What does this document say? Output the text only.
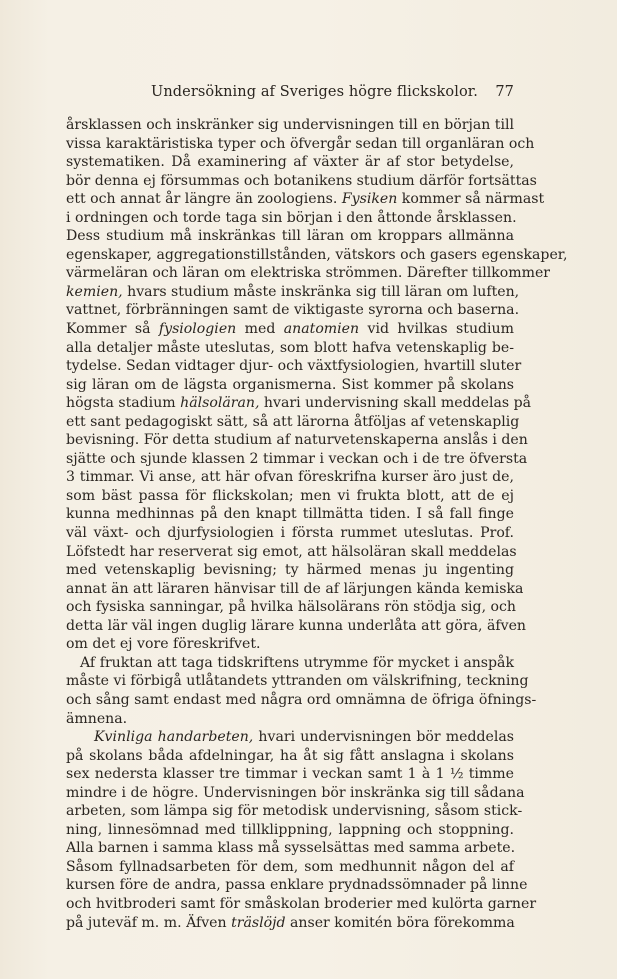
Undersökning af Sveriges högre flickskolor. 77
årsklassen och inskränker sig undervisningen till en början till
vissa karaktäristiska typer och öfvergår sedan till organläran och
systematiken. Då examinering af växter är af stor betydelse,
bör denna ej försummas och botanikens studium därför fortsättas
ett och annat år längre än zoologiens. Fysiken kommer så närmast
i ordningen och torde taga sin början i den åttonde årsklassen.
Dess studium må inskränkas till läran om kroppars allmänna
egenskaper, aggregationstillstånden, vätskors och gasers egenskaper,
värmeläran och läran om elektriska strömmen. Därefter tillkommer
kemien, hvars studium måste inskränka sig till läran om luften,
vattnet, förbränningen samt de viktigaste syrorna och baserna.
Kommer så fysiologien med anatomien vid hvilkas studium
alla detaljer måste uteslutas, som blott hafva vetenskaplig be-
tydelse. Sedan vidtager djur- och växtfysiologien, hvartill sluter
sig läran om de lägsta organismerna. Sist kommer på skolans
högsta stadium hälsoläran, hvari undervisning skall meddelas på
ett sant pedagogiskt sätt, så att lärorna åtföljas af vetenskaplig
bevisning. För detta studium af naturvetenskaperna anslås i den
sjätte och sjunde klassen 2 timmar i veckan och i de tre öfversta
3 timmar. Vi anse, att här ofvan föreskrifna kurser äro just de,
som bäst passa för flickskolan; men vi frukta blott, att de ej
kunna medhinnas på den knapt tillmätta tiden. I så fall finge
väl växt- och djurfysiologien i första rummet uteslutas. Prof.
Löfstedt har reserverat sig emot, att hälsoläran skall meddelas
med vetenskaplig bevisning; ty härmed menas ju ingenting
annat än att läraren hänvisar till de af lärjungen kända kemiska
och fysiska sanningar, på hvilka hälsolärans rön stödja sig, och
detta lär väl ingen duglig lärare kunna underlåta att göra, äfven
om det ej vore föreskrifvet.
Af fruktan att taga tidskriftens utrymme för mycket i anspåk
måste vi förbigå utlåtandets yttranden om välskrifning, teckning
och sång samt endast med några ord omnämna de öfriga öfnings-
ämnena.
Kvinliga handarbeten, hvari undervisningen bör meddelas
på skolans båda afdelningar, ha åt sig fått anslagna i skolans
sex nedersta klasser tre timmar i veckan samt 1 à 1 ½ timme
mindre i de högre. Undervisningen bör inskränka sig till sådana
arbeten, som lämpa sig för metodisk undervisning, såsom stick-
ning, linnesömnad med tillklippning, lappning och stoppning.
Alla barnen i samma klass må sysselsättas med samma arbete.
Såsom fyllnadsarbeten för dem, som medhunnit någon del af
kursen före de andra, passa enklare prydnadssömnader på linne
och hvitbroderi samt för småskolan broderier med kulörta garner
på juteväf m. m. Äfven träslöjd anser komitén böra förekomma
